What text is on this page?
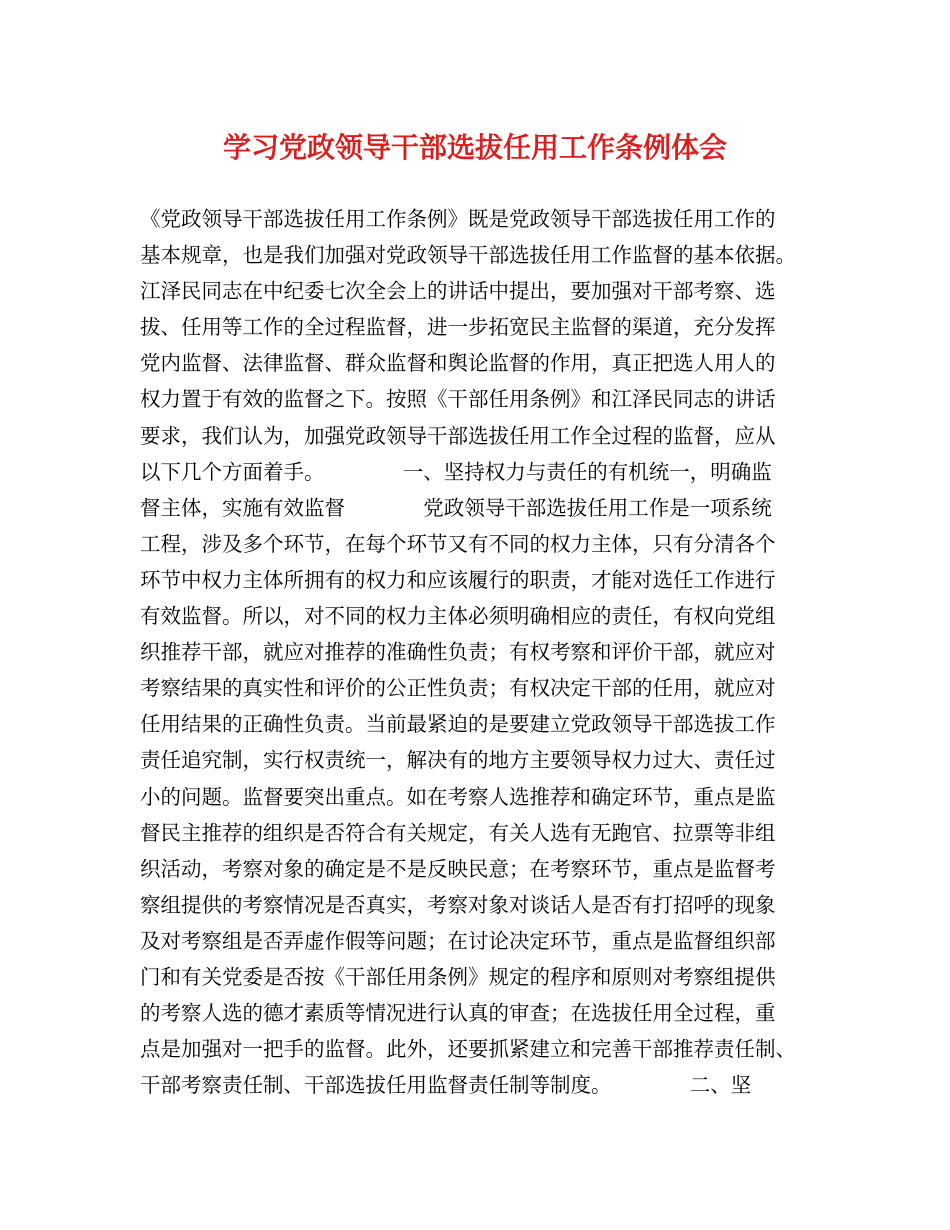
学习党政领导干部选拔任用工作条例体会
《党政领导干部选拔任用工作条例》既是党政领导干部选拔任用工作的
基本规章，也是我们加强对党政领导干部选拔任用工作监督的基本依据。
江泽民同志在中纪委七次全会上的讲话中提出，要加强对干部考察、选
拔、任用等工作的全过程监督，进一步拓宽民主监督的渠道，充分发挥
党内监督、法律监督、群众监督和舆论监督的作用，真正把选人用人的
权力置于有效的监督之下。按照《干部任用条例》和江泽民同志的讲话
要求，我们认为，加强党政领导干部选拔任用工作全过程的监督，应从
以下几个方面着手。            一、坚持权力与责任的有机统一，明确监
督主体，实施有效监督            党政领导干部选拔任用工作是一项系统
工程，涉及多个环节，在每个环节又有不同的权力主体，只有分清各个
环节中权力主体所拥有的权力和应该履行的职责，才能对选任工作进行
有效监督。所以，对不同的权力主体必须明确相应的责任，有权向党组
织推荐干部，就应对推荐的准确性负责；有权考察和评价干部，就应对
考察结果的真实性和评价的公正性负责；有权决定干部的任用，就应对
任用结果的正确性负责。当前最紧迫的是要建立党政领导干部选拔工作
责任追究制，实行权责统一，解决有的地方主要领导权力过大、责任过
小的问题。监督要突出重点。如在考察人选推荐和确定环节，重点是监
督民主推荐的组织是否符合有关规定，有关人选有无跑官、拉票等非组
织活动，考察对象的确定是不是反映民意；在考察环节，重点是监督考
察组提供的考察情况是否真实，考察对象对谈话人是否有打招呼的现象
及对考察组是否弄虚作假等问题；在讨论决定环节，重点是监督组织部
门和有关党委是否按《干部任用条例》规定的程序和原则对考察组提供
的考察人选的德才素质等情况进行认真的审查；在选拔任用全过程，重
点是加强对一把手的监督。此外，还要抓紧建立和完善干部推荐责任制、
干部考察责任制、干部选拔任用监督责任制等制度。            二、坚
